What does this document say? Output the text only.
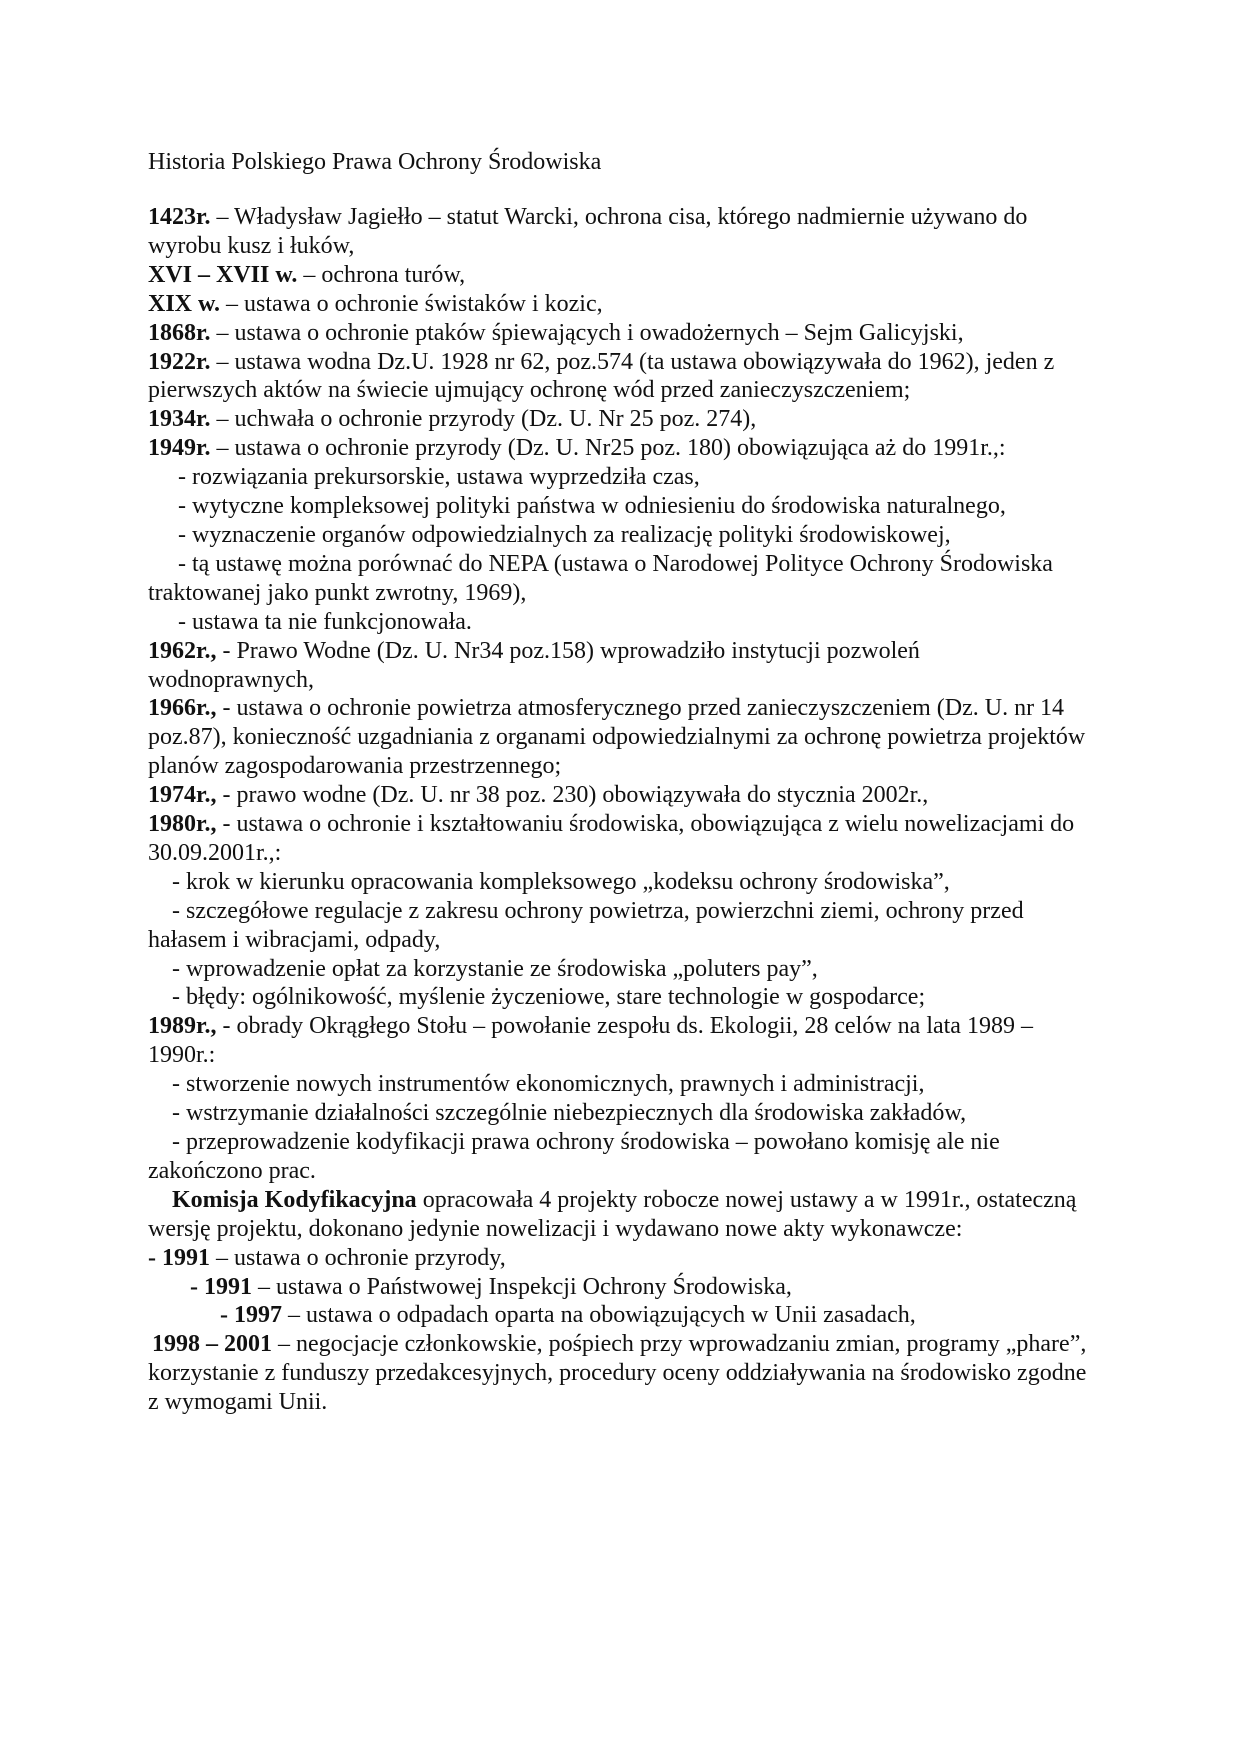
Historia Polskiego Prawa Ochrony Środowiska

1423r. – Władysław Jagiełło – statut Warcki, ochrona cisa, którego nadmiernie używano do wyrobu kusz i łuków,

XVI – XVII w. – ochrona turów,

XIX w. – ustawa o ochronie świstaków i kozic,

1868r. – ustawa o ochronie ptaków śpiewających i owadożernych – Sejm Galicyjski,

1922r. – ustawa wodna Dz.U. 1928 nr 62, poz.574 (ta ustawa obowiązywała do 1962), jeden z pierwszych aktów na świecie ujmujący ochronę wód przed zanieczyszczeniem;

1934r. – uchwała o ochronie przyrody (Dz. U. Nr 25 poz. 274),

1949r. – ustawa o ochronie przyrody (Dz. U. Nr25 poz. 180) obowiązująca aż do 1991r.,:

- rozwiązania prekursorskie, ustawa wyprzedziła czas,

- wytyczne kompleksowej polityki państwa w odniesieniu do środowiska naturalnego,

- wyznaczenie organów odpowiedzialnych za realizację polityki środowiskowej,

- tą ustawę można porównać do NEPA (ustawa o Narodowej Polityce Ochrony Środowiska traktowanej jako punkt zwrotny, 1969),

- ustawa ta nie funkcjonowała.

1962r., - Prawo Wodne (Dz. U. Nr34 poz.158) wprowadziło instytucji pozwoleń wodnoprawnych,

1966r., - ustawa o ochronie powietrza atmosferycznego przed zanieczyszczeniem (Dz. U. nr 14 poz.87), konieczność uzgadniania z organami odpowiedzialnymi za ochronę powietrza projektów planów zagospodarowania przestrzennego;

1974r., - prawo wodne (Dz. U. nr 38 poz. 230) obowiązywała do stycznia 2002r.,

1980r., - ustawa o ochronie i kształtowaniu środowiska, obowiązująca z wielu nowelizacjami do 30.09.2001r.,:

- krok w kierunku opracowania kompleksowego „kodeksu ochrony środowiska”,

- szczegółowe regulacje z zakresu ochrony powietrza, powierzchni ziemi, ochrony przed hałasem i wibracjami, odpady,

- wprowadzenie opłat za korzystanie ze środowiska „poluters pay”,

- błędy: ogólnikowość, myślenie życzeniowe, stare technologie w gospodarce;

1989r., - obrady Okrągłego Stołu – powołanie zespołu ds. Ekologii, 28 celów na lata 1989 – 1990r.:

- stworzenie nowych instrumentów ekonomicznych, prawnych i administracji,

- wstrzymanie działalności szczególnie niebezpiecznych dla środowiska zakładów,

- przeprowadzenie kodyfikacji prawa ochrony środowiska – powołano komisję ale nie zakończono prac.

Komisja Kodyfikacyjna opracowała 4 projekty robocze nowej ustawy a w 1991r., ostateczną wersję projektu, dokonano jedynie nowelizacji i wydawano nowe akty wykonawcze:

- 1991 – ustawa o ochronie przyrody,

- 1991 – ustawa o Państwowej Inspekcji Ochrony Środowiska,

- 1997 – ustawa o odpadach oparta na obowiązujących w Unii zasadach,

1998 – 2001 – negocjacje członkowskie, pośpiech przy wprowadzaniu zmian, programy „phare”, korzystanie z funduszy przedakcesyjnych, procedury oceny oddziaływania na środowisko zgodne z wymogami Unii.
